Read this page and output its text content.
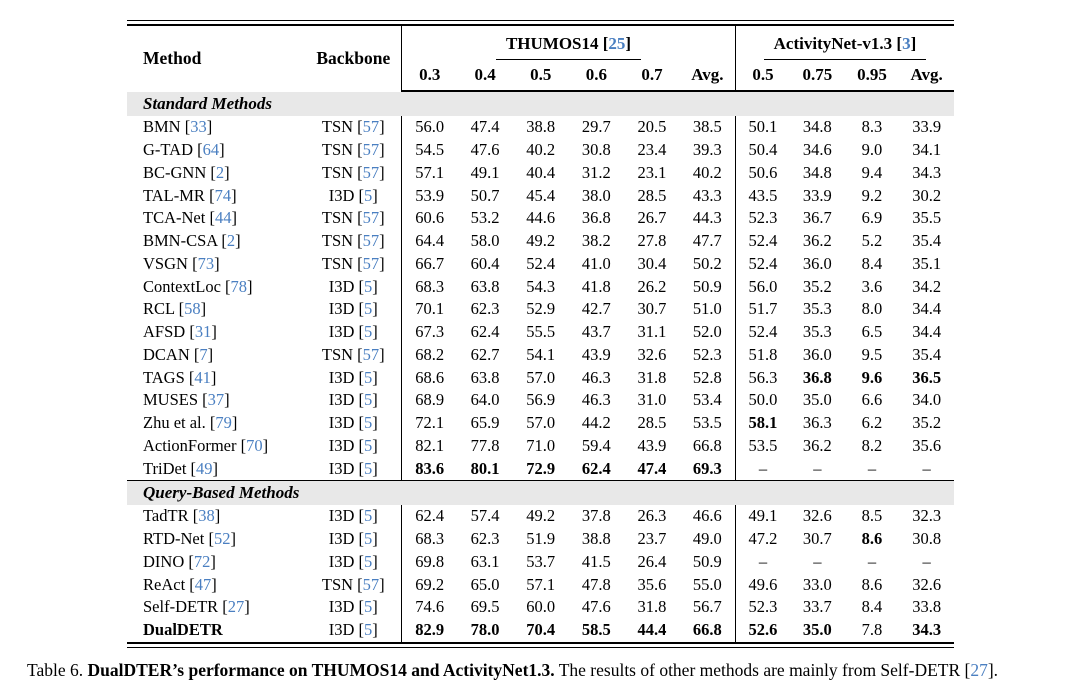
Method	Backbone	THUMOS14 [25]						ActivityNet-v1.3 [3]			
		0.3	0.4	0.5	0.6	0.7	Avg.	0.5	0.75	0.95	Avg.
Standard Methods											
BMN [33]	TSN [57]	56.0	47.4	38.8	29.7	20.5	38.5	50.1	34.8	8.3	33.9
G-TAD [64]	TSN [57]	54.5	47.6	40.2	30.8	23.4	39.3	50.4	34.6	9.0	34.1
BC-GNN [2]	TSN [57]	57.1	49.1	40.4	31.2	23.1	40.2	50.6	34.8	9.4	34.3
TAL-MR [74]	I3D [5]	53.9	50.7	45.4	38.0	28.5	43.3	43.5	33.9	9.2	30.2
TCA-Net [44]	TSN [57]	60.6	53.2	44.6	36.8	26.7	44.3	52.3	36.7	6.9	35.5
BMN-CSA [2]	TSN [57]	64.4	58.0	49.2	38.2	27.8	47.7	52.4	36.2	5.2	35.4
VSGN [73]	TSN [57]	66.7	60.4	52.4	41.0	30.4	50.2	52.4	36.0	8.4	35.1
ContextLoc [78]	I3D [5]	68.3	63.8	54.3	41.8	26.2	50.9	56.0	35.2	3.6	34.2
RCL [58]	I3D [5]	70.1	62.3	52.9	42.7	30.7	51.0	51.7	35.3	8.0	34.4
AFSD [31]	I3D [5]	67.3	62.4	55.5	43.7	31.1	52.0	52.4	35.3	6.5	34.4
DCAN [7]	TSN [57]	68.2	62.7	54.1	43.9	32.6	52.3	51.8	36.0	9.5	35.4
TAGS [41]	I3D [5]	68.6	63.8	57.0	46.3	31.8	52.8	56.3	36.8	9.6	36.5
MUSES [37]	I3D [5]	68.9	64.0	56.9	46.3	31.0	53.4	50.0	35.0	6.6	34.0
Zhu et al. [79]	I3D [5]	72.1	65.9	57.0	44.2	28.5	53.5	58.1	36.3	6.2	35.2
ActionFormer [70]	I3D [5]	82.1	77.8	71.0	59.4	43.9	66.8	53.5	36.2	8.2	35.6
TriDet [49]	I3D [5]	83.6	80.1	72.9	62.4	47.4	69.3	–	–	–	–
Query-Based Methods											
TadTR [38]	I3D [5]	62.4	57.4	49.2	37.8	26.3	46.6	49.1	32.6	8.5	32.3
RTD-Net [52]	I3D [5]	68.3	62.3	51.9	38.8	23.7	49.0	47.2	30.7	8.6	30.8
DINO [72]	I3D [5]	69.8	63.1	53.7	41.5	26.4	50.9	–	–	–	–
ReAct [47]	TSN [57]	69.2	65.0	57.1	47.8	35.6	55.0	49.6	33.0	8.6	32.6
Self-DETR [27]	I3D [5]	74.6	69.5	60.0	47.6	31.8	56.7	52.3	33.7	8.4	33.8
DualDETR	I3D [5]	82.9	78.0	70.4	58.5	44.4	66.8	52.6	35.0	7.8	34.3
Table 6. DualDTER’s performance on THUMOS14 and ActivityNet1.3. The results of other methods are mainly from Self-DETR [27].
